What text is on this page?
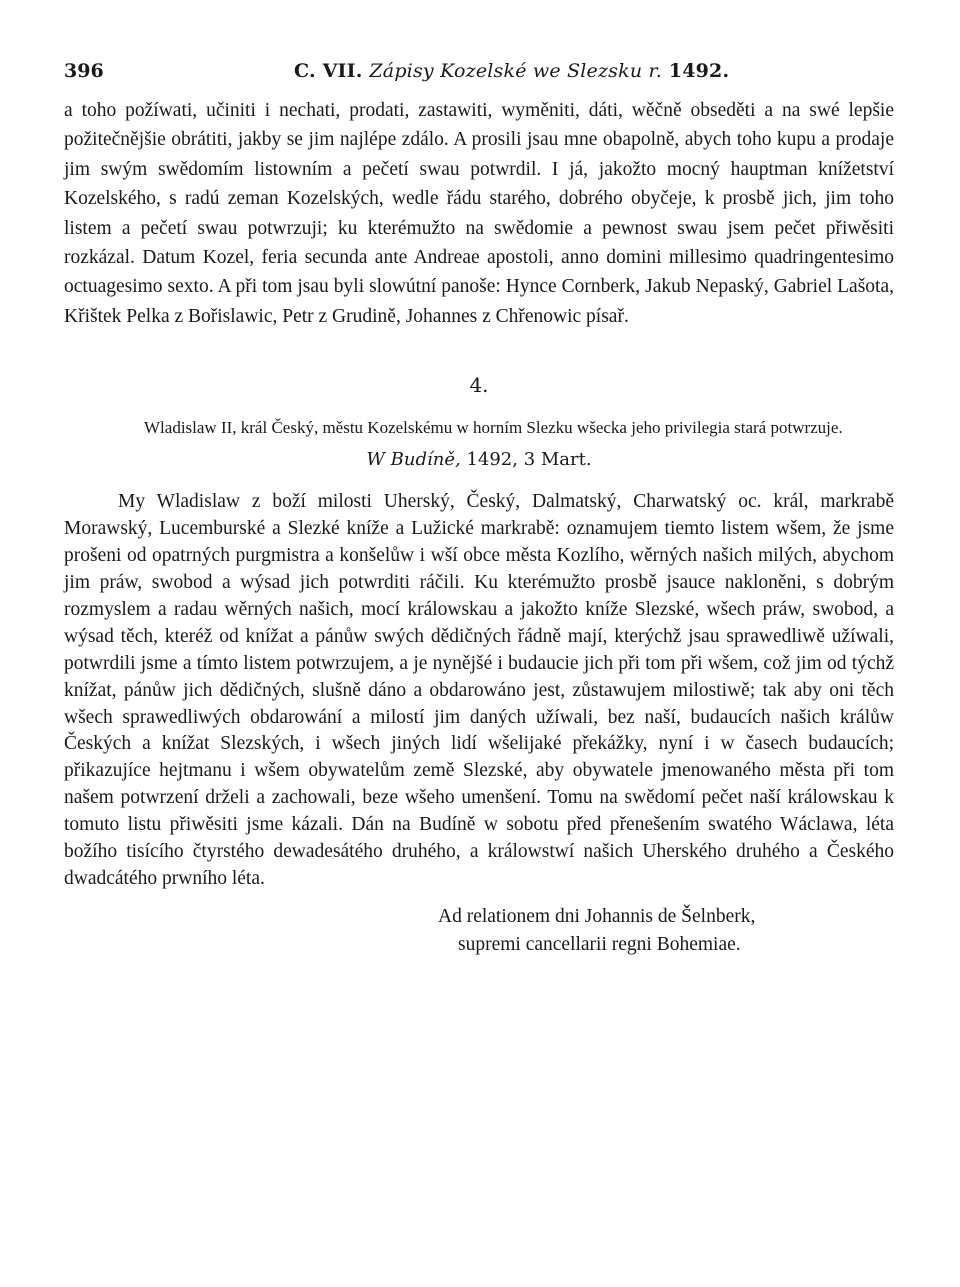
396	C. VII. Zápisy Kozelské we Slezsku r. 1492.

a toho požíwati, učiniti i nechati, prodati, zastawiti, wyměniti, dáti, wěčně obseděti a na swé lepšie požitečnějšie obrátiti, jakby se jim najlépe zdálo. A prosili jsau mne obapolně, abych toho kupu a prodaje jim swým swědomím listowním a pečetí swau potwrdil. I já, jakožto mocný hauptman knížetství Kozelského, s radú zeman Kozelských, wedle řádu starého, dobrého obyčeje, k prosbě jich, jim toho listem a pečetí swau potwrzuji; ku kterémužto na swědomie a pewnost swau jsem pečet přiwěsiti rozkázal. Datum Kozel, feria secunda ante Andreae apostoli, anno domini millesimo quadringentesimo octuagesimo sexto. A při tom jsau byli slowútní panoše: Hynce Cornberk, Jakub Nepaský, Gabriel Lašota, Křištek Pelka z Bořislawic, Petr z Grudině, Johannes z Chřenowic písař.

4.

Wladislaw II, král Český, městu Kozelskému w horním Slezku wšecka jeho privilegia stará potwrzuje.

W Budíně, 1492, 3 Mart.

My Wladislaw z boží milosti Uherský, Český, Dalmatský, Charwatský oc. král, markrabě Morawský, Lucemburské a Slezké kníže a Lužické markrabě: oznamujem tiemto listem wšem, že jsme prošeni od opatrných purgmistra a konšelůw i wší obce města Kozlího, wěrných našich milých, abychom jim práw, swobod a wýsad jich potwrditi ráčili. Ku kterémužto prosbě jsauce nakloněni, s dobrým rozmyslem a radau wěrných našich, mocí králowskau a jakožto kníže Slezské, wšech práw, swobod, a wýsad těch, kteréž od knížat a pánůw swých dědičných řádně mají, kterýchž jsau sprawedliwě užíwali, potwrdili jsme a tímto listem potwrzujem, a je nynějšé i budaucie jich při tom při wšem, což jim od týchž knížat, pánůw jich dědičných, slušně dáno a obdarowáno jest, zůstawujem milostiwě; tak aby oni těch wšech sprawedliwých obdarowání a milostí jim daných užíwali, bez naší, budaucích našich králůw Českých a knížat Slezských, i wšech jiných lidí wšelijaké překážky, nyní i w časech budaucích; přikazujíce hejtmanu i wšem obywatelům země Slezské, aby obywatele jmenowaného města při tom našem potwrzení drželi a zachowali, beze wšeho umenšení. Tomu na swědomí pečet naší králowskau k tomuto listu přiwěsiti jsme kázali. Dán na Budíně w sobotu před přenešením swatého Wáclawa, léta božího tisícího čtyrstého dewadesátého druhého, a králowstwí našich Uherského druhého a Českého dwadcátého prwního léta.

Ad relationem dni Johannis de Šelnberk,
supremi cancellarii regni Bohemiae.
